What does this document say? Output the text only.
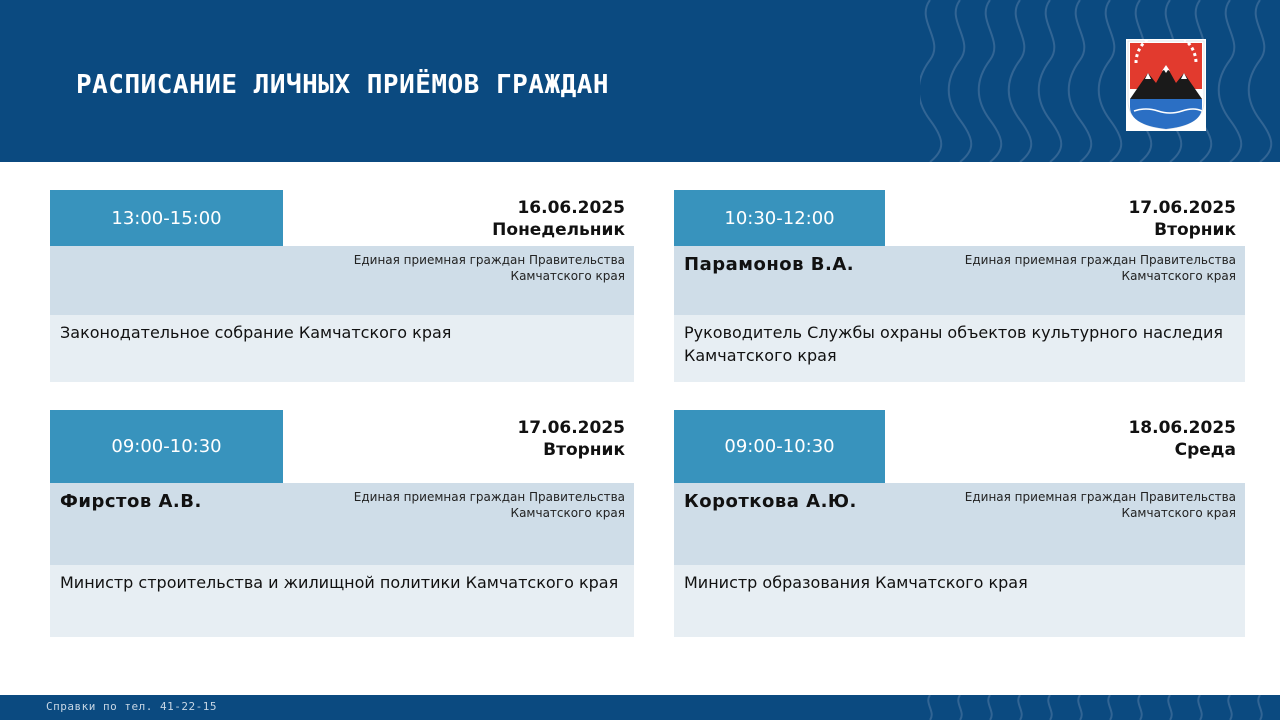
РАСПИСАНИЕ ЛИЧНЫХ ПРИЁМОВ ГРАЖДАН
13:00-15:00	16.06.2025
Понедельник
Единая приемная граждан Правительства Камчатского края
Законодательное собрание Камчатского края
10:30-12:00	17.06.2025
Вторник
Парамонов В.А.	Единая приемная граждан Правительства Камчатского края
Руководитель Службы охраны объектов культурного наследия Камчатского края
09:00-10:30
17.06.2025
Вторник
Фирстов А.В.	Единая приемная граждан Правительства Камчатского края
Министр строительства и жилищной политики Камчатского края
09:00-10:30
18.06.2025
Среда
Короткова А.Ю.	Единая приемная граждан Правительства Камчатского края
Министр образования Камчатского края
Справки по тел. 41-22-15
